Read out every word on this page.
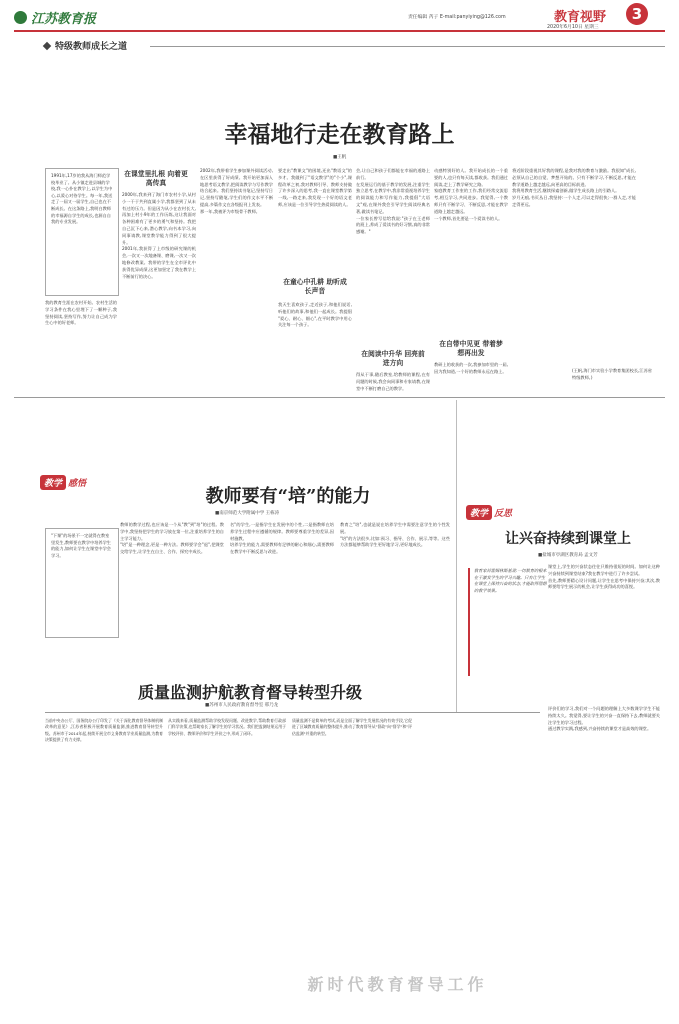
江苏教育报	责任编辑 芮子 E-mail:panyiying@126.com
2020年6月10日 星期三
教育视野 3
特级教师成长之道
幸福地行走在教育路上
■王帆
1991年,17岁的我从海门师范学校毕业了。从小镇走进县城的学校,我一心扑在教学上,以学生为中心,以爱心对待学生。每一年,我送走了一届又一届学生,自己也在不断成长。在这条路上,我明白教师的幸福源自学生的成长,也源自自我的专业发展。
我的教育生涯在农村开始。农村生活的学习条件在我心里埋下了一颗种子,我坚持阅读,坚持写作,努力让自己成为学生心中的好老师。
在课堂里扎根 向着更高传真
2000年,我来到了海门市农村小学,从村小一干于共到直属小学,我都坚到了从未有过的压力。但是因为从小在农村长大,再加上村小9年的工作历练,这让我面对各种困难有了更多的勇气和坚持。我把自己沉下心来,潜心教学,向书本学习,向同事请教,课堂教学能力得到了很大提升。
2001年,我获得了上市级的研究课的机会,一次又一次地备课、磨课,一次又一次地修改教案。我带的学生在全市评比中获得优异成绩,这更加坚定了我在教学上不断前行的决心。
2002年,我带着学生参加课外阅读活动,在区里获得了好成绩。我开始更加深入地思考语文教学,把阅读教学与写作教学结合起来。我们坚持读书笔记,坚持写日记,坚持写随笔,学生们的作文水平不断提高,多篇作文在各级报刊上发表。
那一年,我被评为市级骨干教师。
要走出"教课文"的困境,还出"教语文"的多才。我做到了"语文教学"的"个小",课程改革之初,我对教师引导、教师支持做了许多深入的思考,我一直在课堂教学第一线,一路走来,我发现一个好的语文老师,应该是一位引导学生热爱阅读的人。
在童心中孔耕 助听成长声音
我天生喜欢孩子,走近孩子,和他们说话,听他们的故事,和他们一起成长。我提倡 "爱心、耐心、细心",在平时教学中用心关注每一个孩子。
会,让自己和孩子们都能在幸福的道路上前行。
在发展运行的基于教学的发展,注重学生独立思考,在教学中,我非常重视培养学生的阅读能力和写作能力,我提倡"大语文"观,在课外我会引导学生阅读经典名著,做读书笔记。
一位家长曾写信给我说:"孩子在王老师的班上,养成了爱读书的好习惯,真的非常感谢。"
在阅读中升华 回亮前进方向
得从于事,随后教室,给教师的课程,在有问题的时候,我会向同事和专家请教,在课堂中不断打磨自己的教学。
动感特别好的人。我开始成长的一个重要的人,也只有每天读,都收获。我们通过阅读,走上了教学研究之路。
家庭教育工作室的工作,我们经常交流思考,相互学习,共同进步。我觉得,一个教师只有不断学习、不断反思,才能在教学道路上越走越远。
一个教师,首先要是一个爱读书的人。
在自带中见更 带着梦想再出发
教研上的收获的一次,我参加市里的一届,因为我知道,一个好的教师永远在路上。
将近阶段重视其好我的课程,是我对我的教育与激励。我很知"成长,必须从自己的自觉、梦想开始的。只有不断学习,不断反思,才能在教学道路上越走越远,向更高的目标前进。
我将用教育生活,继续探索创新,做学生成长路上的引路人。
岁月无痕,书页丛日,我坚持:一个人走,可以走得很快;一群人走,才能走得更远。
(王帆,海门市实验小学教育集团校长,江苏省特级教师。)
教学 感悟
教师要有“培”的能力
■南京师范大学附属中学 王栋涛
"下课"的场景不一定就得在教室里发生,教师要在教学中培养学生的能力,如何让学生在课堂中学会学习。
教师的教学过程,也应该是一个从"教"到"培"的过程。教学中,我坚持把学生的学习放在第一位,注重培养学生的自主学习能力。
"培"是一种理念,更是一种方法。教师要学会"退",把课堂交给学生,让学生在自主、合作、探究中成长。
名"的学生,一是指学生在发展中的个性,二是指教师在培养学生过程中应遵循的规律。教师要尊重学生的差异,因材施教。
培养学生的能力,需要教师有足够的耐心和细心,需要教师在教学中不断反思与改进。
教育之"培",也就是说在培养学生中需要注意学生的个性发展。
"培"的方法很多,比如:预习、指导、合作、展示,等等。这些方法都能够帮助学生更好地学习,更好地成长。
教学 反思
让兴奋持续到课堂上
■盐城市亭湖区教育局 孟文芳
教育家苏霍姆林斯基说:一切教育的根本在于激发学生的学习兴趣。只有让学生在课堂上保持兴奋的状态,才能取得理想的教学效果。
课堂上,学生的兴奋状态往往只维持很短的时间。如何让这种兴奋持续到课堂结束?我在教学中进行了许多尝试。
首先,教师要精心设计问题,让学生在思考中保持兴奋;其次,教师要给学生展示的机会,让学生获得成功的喜悦。
评价们的学习,我们对一个问题的理解上大多数课学学生不能持续太久。我觉得,要让学生的兴奋一直保持下去,教师就要关注学生的学习过程。
通过教学实践,我感到,兴奋持续的课堂才是高效的课堂。
质量监测护航教育督导转型升级
■苏州市人民政府教育督导室 邢乃龙
当前中央办公厅、国务院办公厅印发了《关于深化教育督导体制机制改革的意见》,江苏省积极开展教育质量监测,推进教育督导转型升级。苏州市于2014年起,持续开展全市义务教育学业质量监测,为教育决策提供了有力支撑。
从实践来看,质量监测帮助学校发现问题、改进教学,帮助教育行政部门科学决策,也帮助家长了解学生的学习状况。我们把监测结果运用于学校评价、教师评价和学生评价之中,形成了闭环。
质量监测不是简单的考试,而是全面了解学生发展状况的有效手段,它促进了区域教育质量的整体提升,推动了教育督导从"督政"向"督学"和"评估监测"并重的转型。
新时代教育督导工作
